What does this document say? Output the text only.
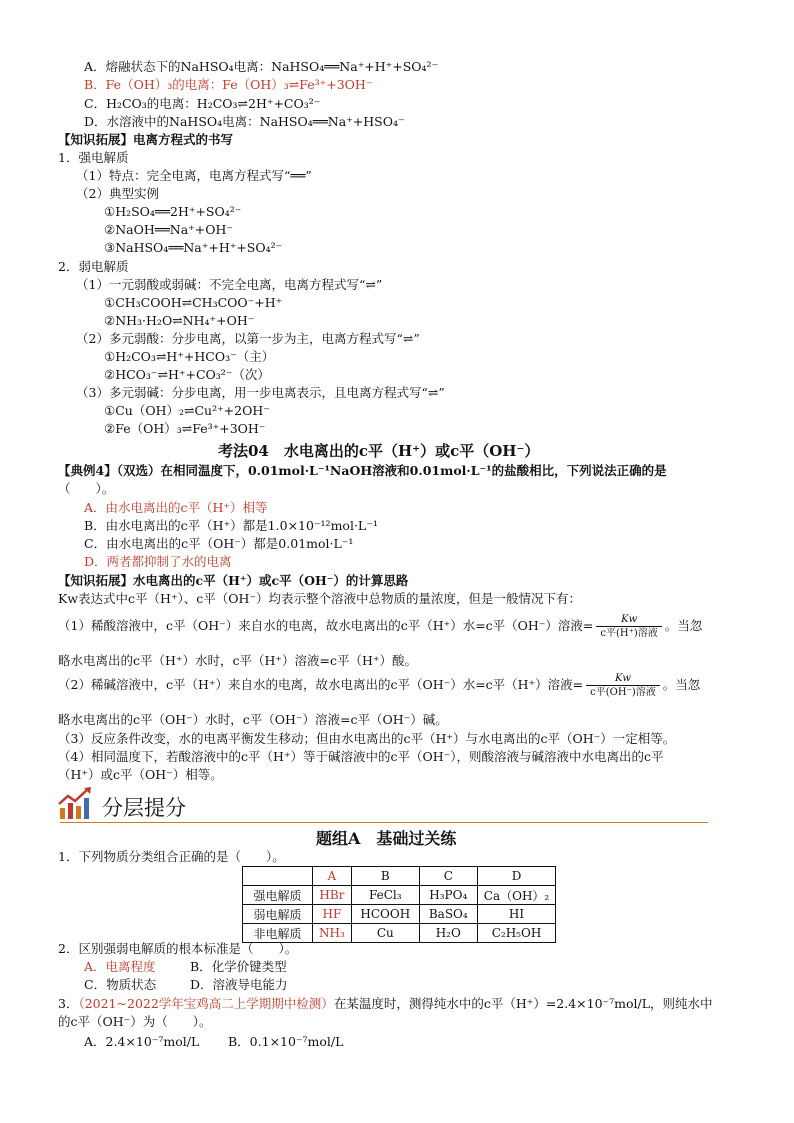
A．熔融状态下的NaHSO₄电离：NaHSO₄══Na⁺+H⁺+SO₄²⁻
B．Fe（OH）₃的电离：Fe（OH）₃⇌Fe³⁺+3OH⁻
C．H₂CO₃的电离：H₂CO₃⇌2H⁺+CO₃²⁻
D．水溶液中的NaHSO₄电离：NaHSO₄══Na⁺+HSO₄⁻
【知识拓展】电离方程式的书写
1．强电解质
（1）特点：完全电离，电离方程式写“══”
（2）典型实例
①H₂SO₄══2H⁺+SO₄²⁻
②NaOH══Na⁺+OH⁻
③NaHSO₄══Na⁺+H⁺+SO₄²⁻
2．弱电解质
（1）一元弱酸或弱碱：不完全电离，电离方程式写“⇌”
①CH₃COOH⇌CH₃COO⁻+H⁺
②NH₃·H₂O⇌NH₄⁺+OH⁻
（2）多元弱酸：分步电离，以第一步为主，电离方程式写“⇌”
①H₂CO₃⇌H⁺+HCO₃⁻（主）
②HCO₃⁻⇌H⁺+CO₃²⁻（次）
（3）多元弱碱：分步电离，用一步电离表示，且电离方程式写“⇌”
①Cu（OH）₂⇌Cu²⁺+2OH⁻
②Fe（OH）₃⇌Fe³⁺+3OH⁻
考法04　水电离出的c平（H⁺）或c平（OH⁻）
【典例4】（双选）在相同温度下，0.01mol·L⁻¹NaOH溶液和0.01mol·L⁻¹的盐酸相比，下列说法正确的是
（　　）。
A．由水电离出的c平（H⁺）相等
B．由水电离出的c平（H⁺）都是1.0×10⁻¹²mol·L⁻¹
C．由水电离出的c平（OH⁻）都是0.01mol·L⁻¹
D．两者都抑制了水的电离
【知识拓展】水电离出的c平（H⁺）或c平（OH⁻）的计算思路
Kw表达式中c平（H⁺）、c平（OH⁻）均表示整个溶液中总物质的量浓度，但是一般情况下有：
（1）稀酸溶液中，c平（OH⁻）来自水的电离，故水电离出的c平（H⁺）水=c平（OH⁻）溶液= $\frac{Kw}{\text{c平(H⁺)溶液}}$ 。当忽
略水电离出的c平（H⁺）水时，c平（H⁺）溶液=c平（H⁺）酸。
（2）稀碱溶液中，c平（H⁺）来自水的电离，故水电离出的c平（OH⁻）水=c平（H⁺）溶液= $\frac{Kw}{\text{c平(OH⁻)溶液}}$ 。当忽
略水电离出的c平（OH⁻）水时，c平（OH⁻）溶液=c平（OH⁻）碱。
（3）反应条件改变，水的电离平衡发生移动；但由水电离出的c平（H⁺）与水电离出的c平（OH⁻）一定相等。
（4）相同温度下，若酸溶液中的c平（H⁺）等于碱溶液中的c平（OH⁻），则酸溶液与碱溶液中水电离出的c平
（H⁺）或c平（OH⁻）相等。
分层提分
题组A　基础过关练
1．下列物质分类组合正确的是（　　）。
	A	B	C	D
强电解质	HBr	FeCl₃	H₃PO₄	Ca（OH）₂
弱电解质	HF	HCOOH	BaSO₄	HI
非电解质	NH₃	Cu	H₂O	C₂H₅OH
2．区别强弱电解质的根本标准是（　　）。
A．电离程度	B．化学价键类型
C．物质状态	D．溶液导电能力
3．（2021~2022学年宝鸡高二上学期期中检测）在某温度时，测得纯水中的c平（H⁺）=2.4×10⁻⁷mol/L，则纯水中
的c平（OH⁻）为（　　）。
A．2.4×10⁻⁷mol/L B．0.1×10⁻⁷mol/L
